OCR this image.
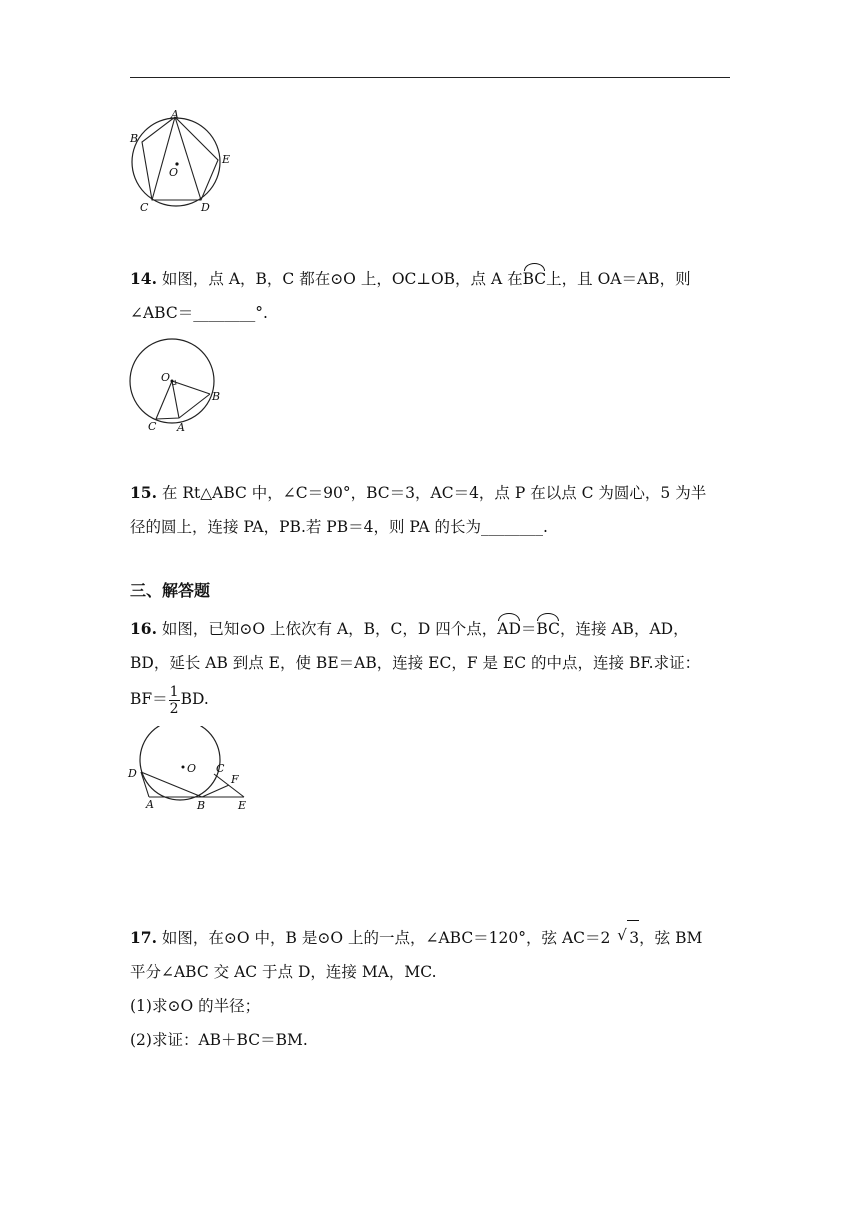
A
B
O
E
C	D
14. 如图，点 A，B，C 都在⊙O 上，OC⊥OB，点 A 在BC上，且 OA＝AB，则
∠ABC＝________°.
O
B
C A
15. 在 Rt△ABC 中，∠C＝90°，BC＝3，AC＝4，点 P 在以点 C 为圆心，5 为半
径的圆上，连接 PA，PB.若 PB＝4，则 PA 的长为________.
三、解答题
16. 如图，已知⊙O 上依次有 A，B，C，D 四个点，AD＝BC，连接 AB，AD，
BD，延长 AB 到点 E，使 BE＝AB，连接 EC，F 是 EC 的中点，连接 BF.求证：
$BF= \frac{1}{2}$ BD.
D	O C
F
A	B	E
17. 如图，在⊙O 中，B 是⊙O 上的一点，∠ABC＝120°，弦 AC＝2 √ 3，弦 BM
平分∠ABC 交 AC 于点 D，连接 MA，MC.
(1)求⊙O 的半径；
(2)求证：AB＋BC＝BM.
